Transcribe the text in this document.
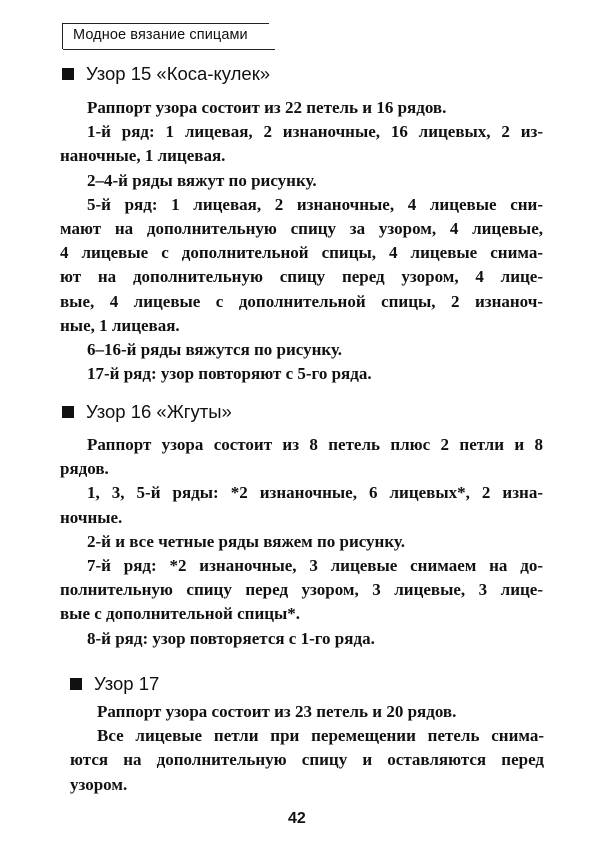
Модное вязание спицами
Узор 15 «Коса-кулек»
Раппорт узора состоит из 22 петель и 16 рядов.
1-й ряд: 1 лицевая, 2 изнаночные, 16 лицевых, 2 из-
наночные, 1 лицевая.
2–4-й ряды вяжут по рисунку.
5-й ряд: 1 лицевая, 2 изнаночные, 4 лицевые сни-
мают на дополнительную спицу за узором, 4 лицевые,
4 лицевые с дополнительной спицы, 4 лицевые снима-
ют на дополнительную спицу перед узором, 4 лице-
вые, 4 лицевые с дополнительной спицы, 2 изнаноч-
ные, 1 лицевая.
6–16-й ряды вяжутся по рисунку.
17-й ряд: узор повторяют с 5-го ряда.
Узор 16 «Жгуты»
Раппорт узора состоит из 8 петель плюс 2 петли и 8
рядов.
1, 3, 5-й ряды: *2 изнаночные, 6 лицевых*, 2 изна-
ночные.
2-й и все четные ряды вяжем по рисунку.
7-й ряд: *2 изнаночные, 3 лицевые снимаем на до-
полнительную спицу перед узором, 3 лицевые, 3 лице-
вые с дополнительной спицы*.
8-й ряд: узор повторяется с 1-го ряда.
Узор 17
Раппорт узора состоит из 23 петель и 20 рядов.
Все лицевые петли при перемещении петель снима-
ются на дополнительную спицу и оставляются перед
узором.
42
